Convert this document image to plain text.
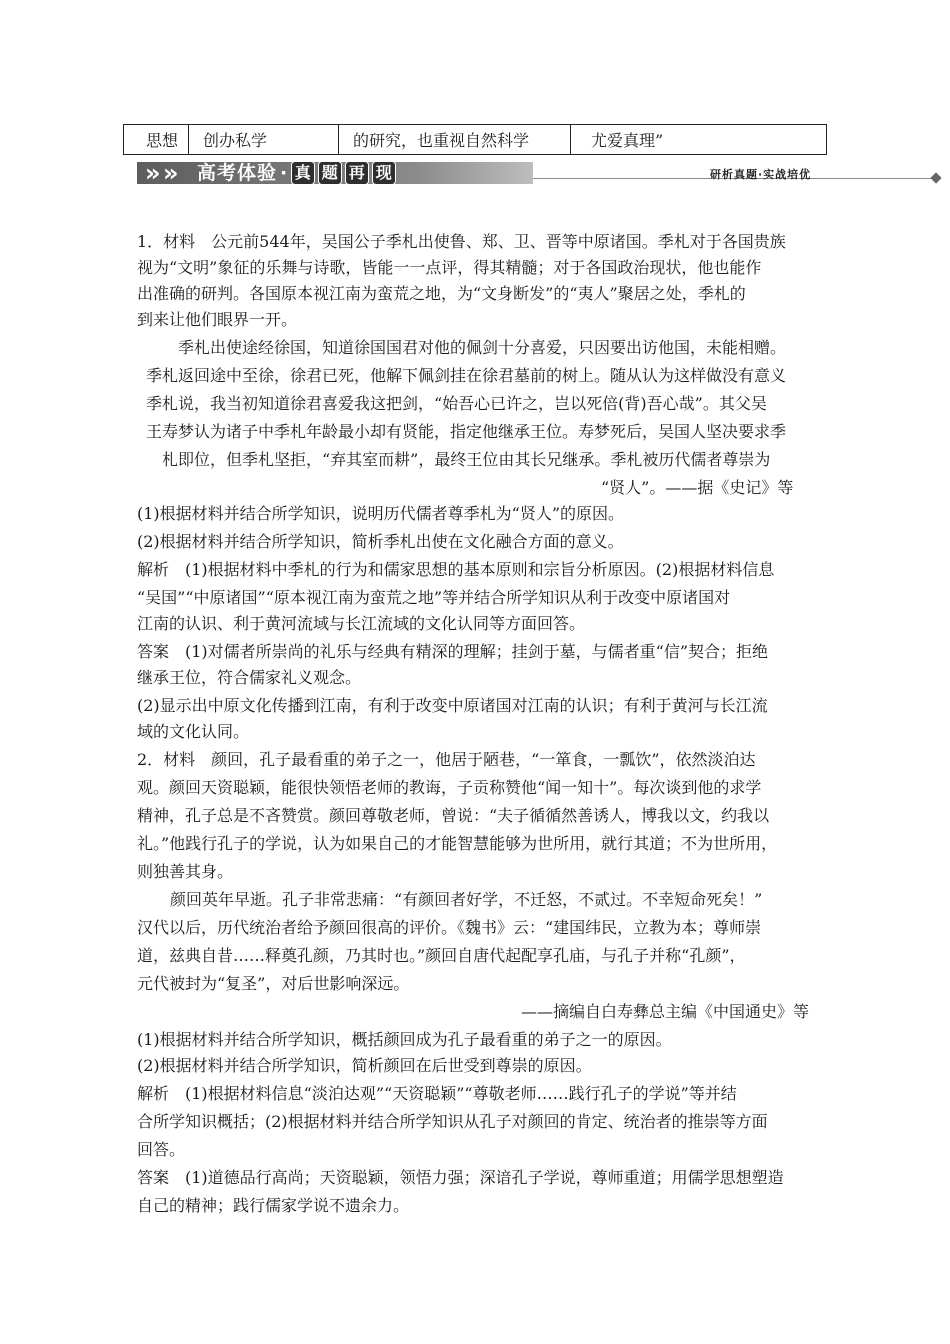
思想	创办私学	的研究，也重视自然科学	尤爱真理”
» » 高考体验 · 真 题 再 现	研析真题·实战培优
1．材料　公元前544年，吴国公子季札出使鲁、郑、卫、晋等中原诸国。季札对于各国贵族
视为“文明”象征的乐舞与诗歌，皆能一一点评，得其精髓；对于各国政治现状，他也能作
出准确的研判。各国原本视江南为蛮荒之地，为“文身断发”的“夷人”聚居之处，季札的
到来让他们眼界一开。
季札出使途经徐国，知道徐国国君对他的佩剑十分喜爱，只因要出访他国，未能相赠。
季札返回途中至徐，徐君已死，他解下佩剑挂在徐君墓前的树上。随从认为这样做没有意义
季札说，我当初知道徐君喜爱我这把剑，“始吾心已许之，岂以死倍(背)吾心哉”。其父吴
王寿梦认为诸子中季札年龄最小却有贤能，指定他继承王位。寿梦死后，吴国人坚决要求季
札即位，但季札坚拒，“弃其室而耕”，最终王位由其长兄继承。季札被历代儒者尊崇为
“贤人”。——据《史记》等
(1)根据材料并结合所学知识，说明历代儒者尊季札为“贤人”的原因。
(2)根据材料并结合所学知识，简析季札出使在文化融合方面的意义。
解析　(1)根据材料中季札的行为和儒家思想的基本原则和宗旨分析原因。(2)根据材料信息
“吴国”“中原诸国”“原本视江南为蛮荒之地”等并结合所学知识从利于改变中原诸国对
江南的认识、利于黄河流域与长江流域的文化认同等方面回答。
答案　(1)对儒者所崇尚的礼乐与经典有精深的理解；挂剑于墓，与儒者重“信”契合；拒绝
继承王位，符合儒家礼义观念。
(2)显示出中原文化传播到江南，有利于改变中原诸国对江南的认识；有利于黄河与长江流
域的文化认同。
2．材料　颜回，孔子最看重的弟子之一，他居于陋巷，“一箪食，一瓢饮”，依然淡泊达
观。颜回天资聪颖，能很快领悟老师的教诲，子贡称赞他“闻一知十”。每次谈到他的求学
精神，孔子总是不吝赞赏。颜回尊敬老师，曾说：“夫子循循然善诱人，博我以文，约我以
礼。”他践行孔子的学说，认为如果自己的才能智慧能够为世所用，就行其道；不为世所用，
则独善其身。
颜回英年早逝。孔子非常悲痛：“有颜回者好学，不迁怒，不贰过。不幸短命死矣！”
汉代以后，历代统治者给予颜回很高的评价。《魏书》云：“建国纬民，立教为本；尊师崇
道，兹典自昔……释奠孔颜，乃其时也。”颜回自唐代起配享孔庙，与孔子并称“孔颜”，
元代被封为“复圣”，对后世影响深远。
——摘编自白寿彝总主编《中国通史》等
(1)根据材料并结合所学知识，概括颜回成为孔子最看重的弟子之一的原因。
(2)根据材料并结合所学知识，简析颜回在后世受到尊崇的原因。
解析　(1)根据材料信息“淡泊达观”“天资聪颖”“尊敬老师……践行孔子的学说”等并结
合所学知识概括；(2)根据材料并结合所学知识从孔子对颜回的肯定、统治者的推崇等方面
回答。
答案　(1)道德品行高尚；天资聪颖，领悟力强；深谙孔子学说，尊师重道；用儒学思想塑造
自己的精神；践行儒家学说不遗余力。
